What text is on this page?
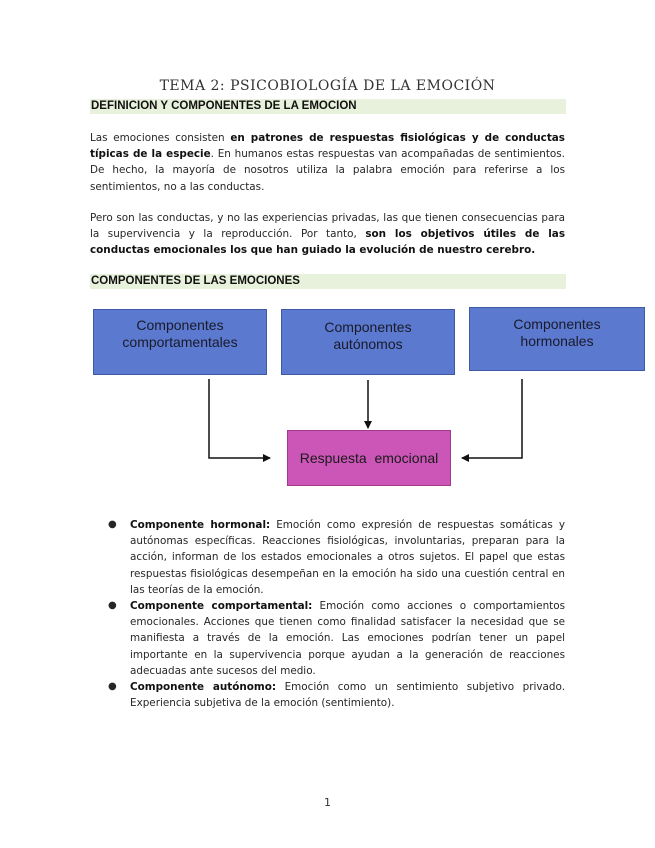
TEMA 2: PSICOBIOLOGÍA DE LA EMOCIÓN
DEFINICION Y COMPONENTES DE LA EMOCION
Las emociones consisten en patrones de respuestas fisiológicas y de conductas típicas de la especie. En humanos estas respuestas van acompañadas de sentimientos. De hecho, la mayoría de nosotros utiliza la palabra emoción para referirse a los sentimientos, no a las conductas.
Pero son las conductas, y no las experiencias privadas, las que tienen consecuencias para la supervivencia y la reproducción. Por tanto, son los objetivos útiles de las conductas emocionales los que han guiado la evolución de nuestro cerebro.
COMPONENTES DE LAS EMOCIONES
Componentes comportamentales
Componentes autónomos
Componentes hormonales
Respuesta  emocional
● Componente hormonal: Emoción como expresión de respuestas somáticas y autónomas específicas. Reacciones fisiológicas, involuntarias, preparan para la acción, informan de los estados emocionales a otros sujetos. El papel que estas respuestas fisiológicas desempeñan en la emoción ha sido una cuestión central en las teorías de la emoción.
● Componente comportamental: Emoción como acciones o comportamientos emocionales. Acciones que tienen como finalidad satisfacer la necesidad que se manifiesta a través de la emoción. Las emociones podrían tener un papel importante en la supervivencia porque ayudan a la generación de reacciones adecuadas ante sucesos del medio.
● Componente autónomo: Emoción como un sentimiento subjetivo privado. Experiencia subjetiva de la emoción (sentimiento).
1
